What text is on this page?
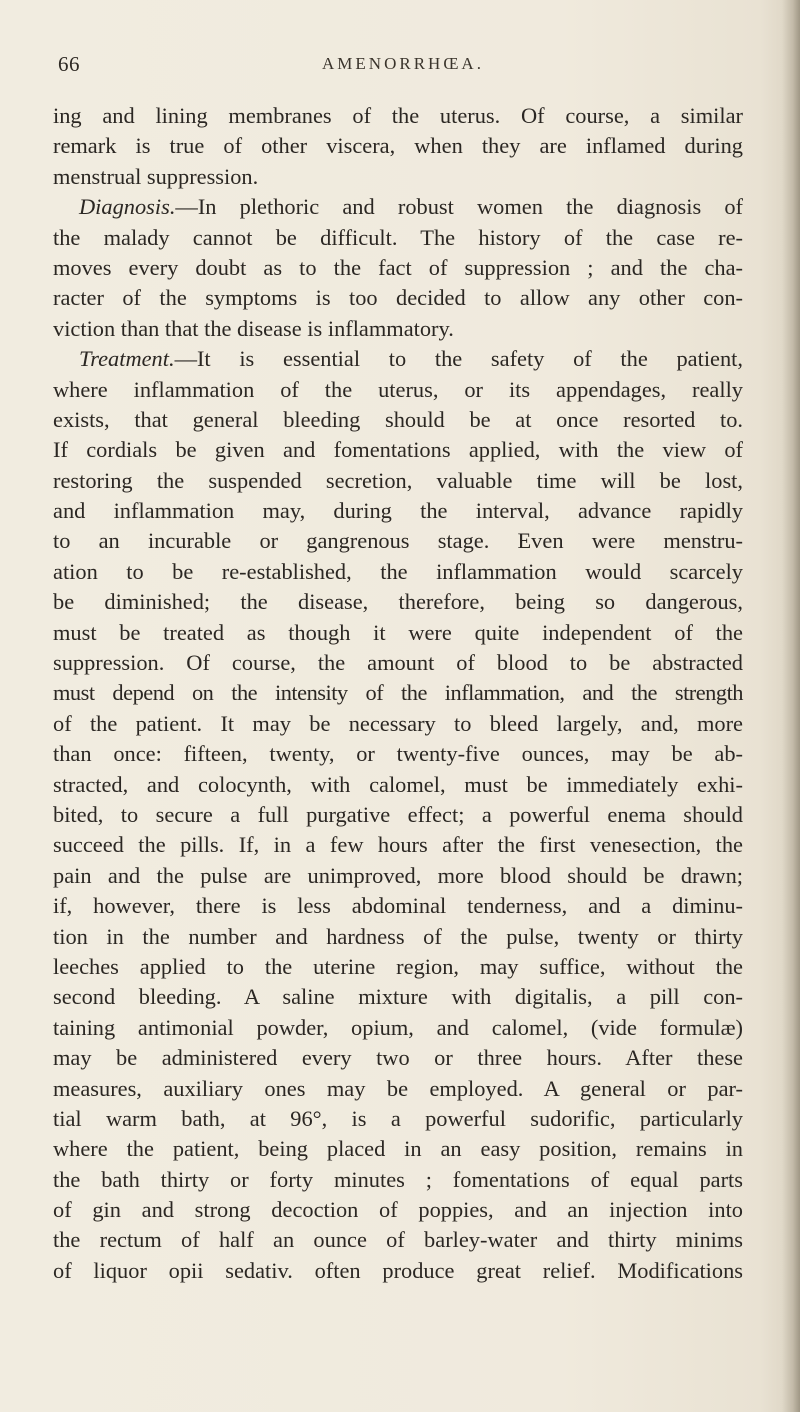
66	AMENORRHŒA.
ing and lining membranes of the uterus. Of course, a similar
remark is true of other viscera, when they are inflamed during
menstrual suppression.
Diagnosis.—In plethoric and robust women the diagnosis of
the malady cannot be difficult. The history of the case re-
moves every doubt as to the fact of suppression ; and the cha-
racter of the symptoms is too decided to allow any other con-
viction than that the disease is inflammatory.
Treatment.—It is essential to the safety of the patient,
where inflammation of the uterus, or its appendages, really
exists, that general bleeding should be at once resorted to.
If cordials be given and fomentations applied, with the view of
restoring the suspended secretion, valuable time will be lost,
and inflammation may, during the interval, advance rapidly
to an incurable or gangrenous stage. Even were menstru-
ation to be re-established, the inflammation would scarcely
be diminished; the disease, therefore, being so dangerous,
must be treated as though it were quite independent of the
suppression. Of course, the amount of blood to be abstracted
must depend on the intensity of the inflammation, and the strength
of the patient. It may be necessary to bleed largely, and, more
than once: fifteen, twenty, or twenty-five ounces, may be ab-
stracted, and colocynth, with calomel, must be immediately exhi-
bited, to secure a full purgative effect; a powerful enema should
succeed the pills. If, in a few hours after the first venesection, the
pain and the pulse are unimproved, more blood should be drawn;
if, however, there is less abdominal tenderness, and a diminu-
tion in the number and hardness of the pulse, twenty or thirty
leeches applied to the uterine region, may suffice, without the
second bleeding. A saline mixture with digitalis, a pill con-
taining antimonial powder, opium, and calomel, (vide formulæ)
may be administered every two or three hours. After these
measures, auxiliary ones may be employed. A general or par-
tial warm bath, at 96°, is a powerful sudorific, particularly
where the patient, being placed in an easy position, remains in
the bath thirty or forty minutes ; fomentations of equal parts
of gin and strong decoction of poppies, and an injection into
the rectum of half an ounce of barley-water and thirty minims
of liquor opii sedativ. often produce great relief. Modifications
